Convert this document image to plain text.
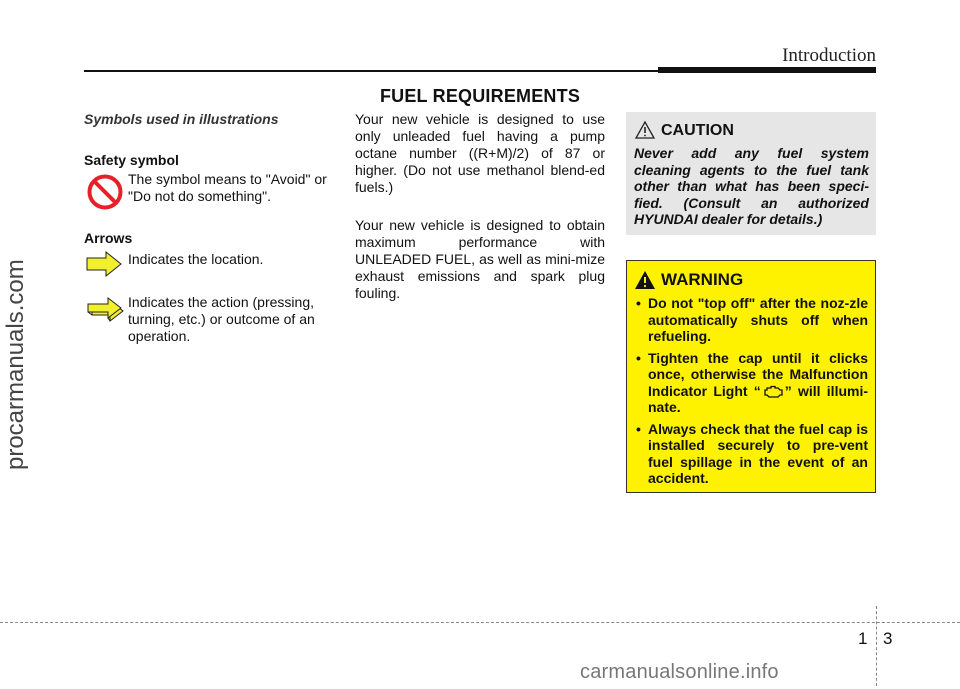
Introduction
procarmanuals.com
FUEL REQUIREMENTS
Symbols used in illustrations
Safety symbol
The symbol means to "Avoid" or "Do not do something".
Arrows
Indicates the location.
Indicates the action (pressing, turning, etc.) or outcome of an operation.
Your new vehicle is designed to use only unleaded fuel having a pump octane number ((R+M)/2) of 87 or higher. (Do not use methanol blend-ed fuels.)
Your new vehicle is designed to obtain maximum performance with UNLEADED FUEL, as well as mini-mize exhaust emissions and spark plug fouling.
CAUTION
Never add any fuel system cleaning agents to the fuel tank other than what has been speci-fied. (Consult an authorized HYUNDAI dealer for details.)
WARNING
• Do not "top off" after the noz-zle automatically shuts off when refueling.
• Tighten the cap until it clicks once, otherwise the Malfunction Indicator Light “ ” will illumi-nate.
• Always check that the fuel cap is installed securely to pre-vent fuel spillage in the event of an accident.
1 3
carmanualsonline.info
